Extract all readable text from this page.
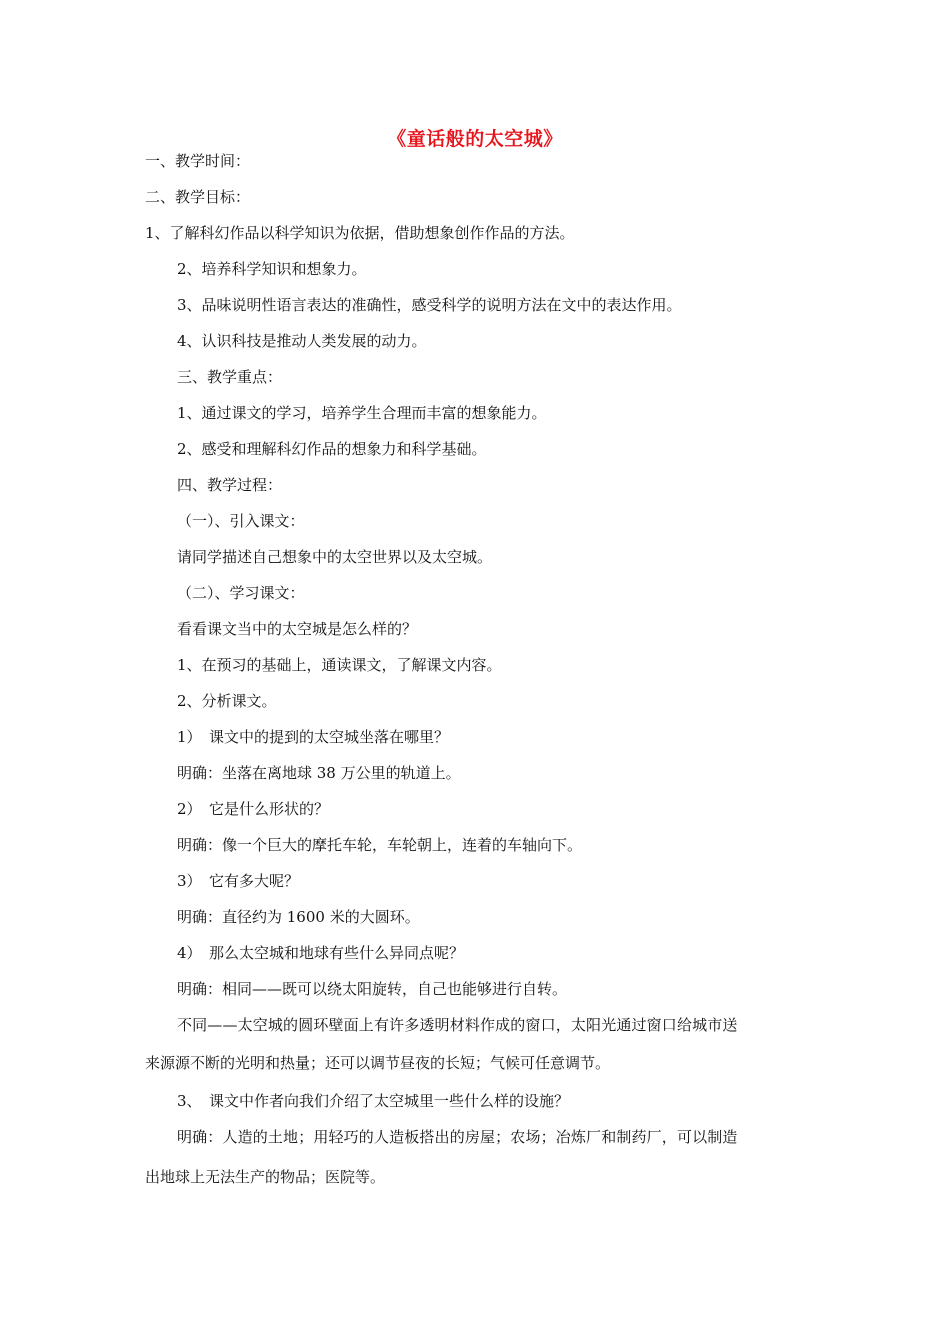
《童话般的太空城》
一、教学时间：
二、教学目标：
1、了解科幻作品以科学知识为依据，借助想象创作作品的方法。
2、培养科学知识和想象力。
3、品味说明性语言表达的准确性，感受科学的说明方法在文中的表达作用。
4、认识科技是推动人类发展的动力。
三、教学重点：
1、通过课文的学习，培养学生合理而丰富的想象能力。
2、感受和理解科幻作品的想象力和科学基础。
四、教学过程：
（一）、引入课文：
请同学描述自己想象中的太空世界以及太空城。
（二）、学习课文：
看看课文当中的太空城是怎么样的？
1、在预习的基础上，通读课文，了解课文内容。
2、分析课文。
1）　课文中的提到的太空城坐落在哪里？
明确：坐落在离地球 38 万公里的轨道上。
2）　它是什么形状的？
明确：像一个巨大的摩托车轮，车轮朝上，连着的车轴向下。
3）　它有多大呢？
明确：直径约为 1600 米的大圆环。
4）　那么太空城和地球有些什么异同点呢？
明确：相同——既可以绕太阳旋转，自己也能够进行自转。
不同——太空城的圆环壁面上有许多透明材料作成的窗口，太阳光通过窗口给城市送
来源源不断的光明和热量；还可以调节昼夜的长短；气候可任意调节。
3、　课文中作者向我们介绍了太空城里一些什么样的设施？
明确：人造的土地；用轻巧的人造板搭出的房屋；农场；冶炼厂和制药厂，可以制造
出地球上无法生产的物品；医院等。
